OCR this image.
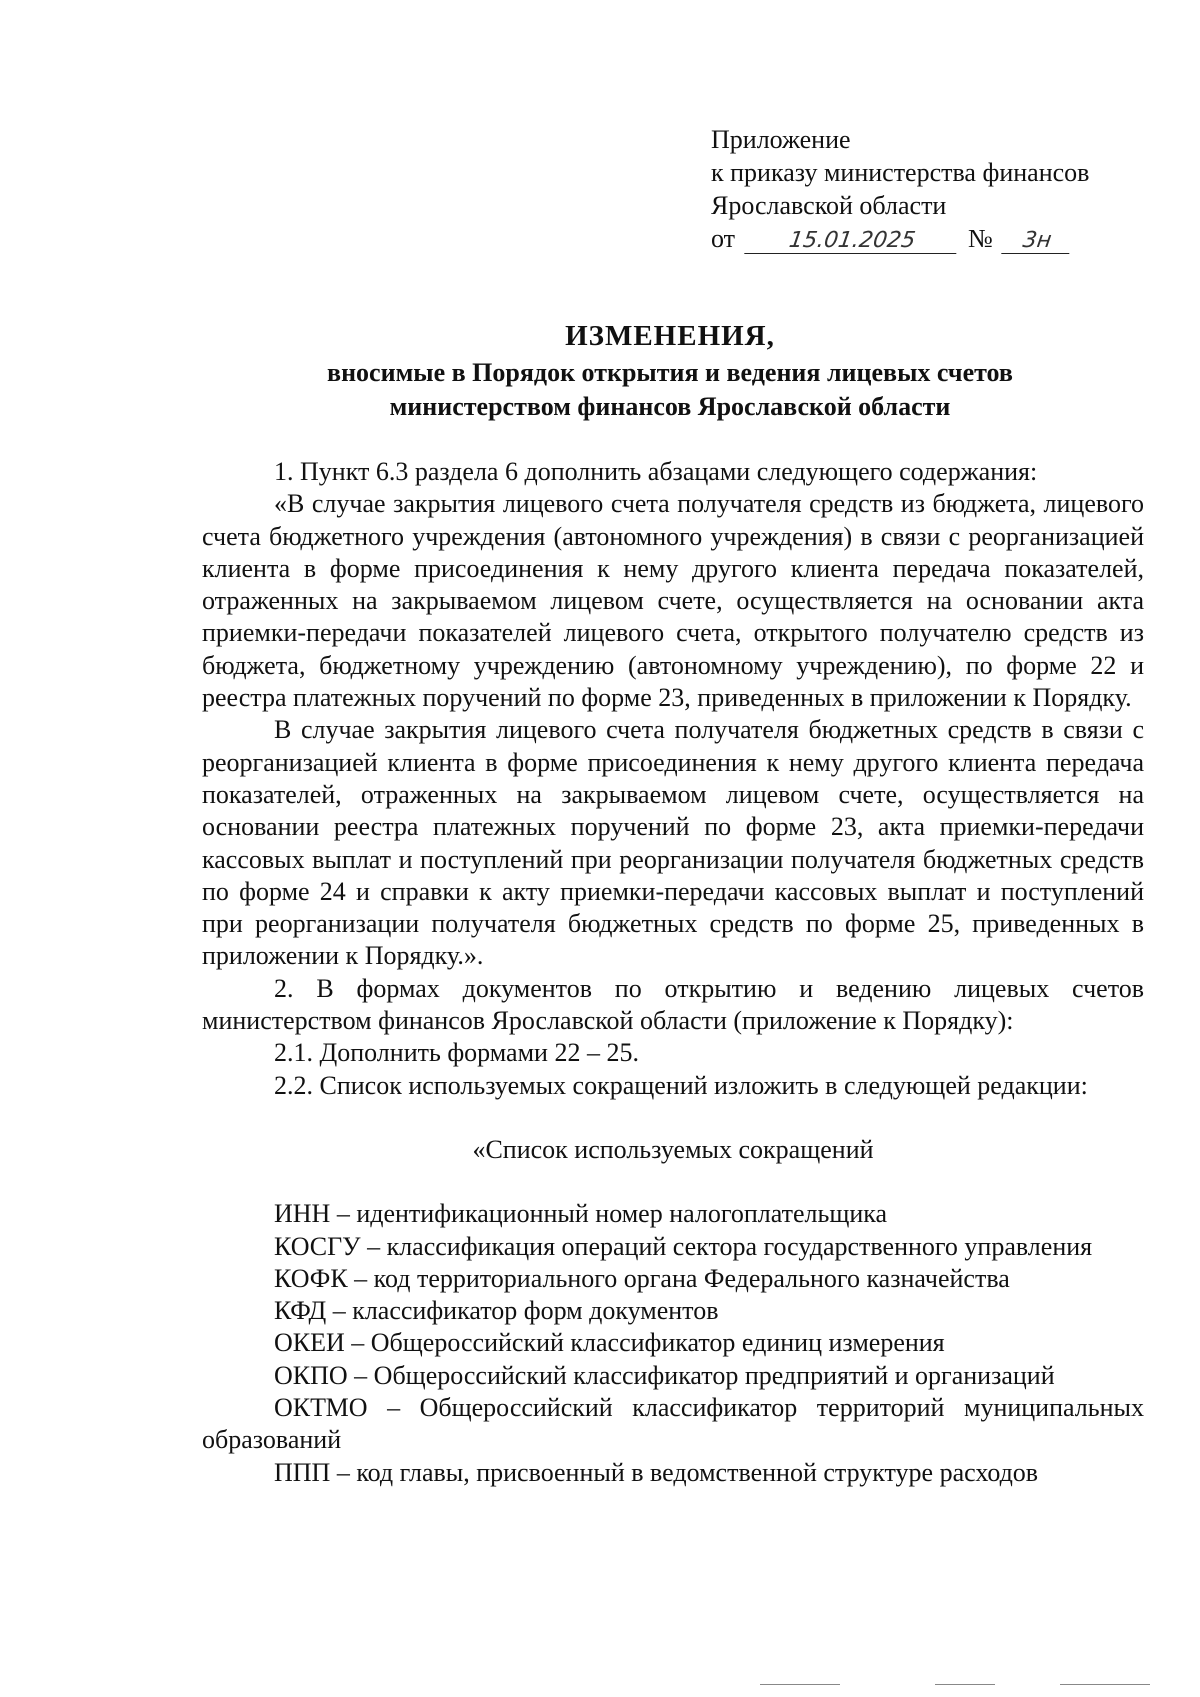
Приложение
к приказу министерства финансов
Ярославской области
от 15.01.2025 № 3н
ИЗМЕНЕНИЯ,
вносимые в Порядок открытия и ведения лицевых счетов
министерством финансов Ярославской области

1. Пункт 6.3 раздела 6 дополнить абзацами следующего содержания:

«В случае закрытия лицевого счета получателя средств из бюджета, лицевого счета бюджетного учреждения (автономного учреждения) в связи с реорганизацией клиента в форме присоединения к нему другого клиента передача показателей, отраженных на закрываемом лицевом счете, осуществляется на основании акта приемки-передачи показателей лицевого счета, открытого получателю средств из бюджета, бюджетному учреждению (автономному учреждению), по форме 22 и реестра платежных поручений по форме 23, приведенных в приложении к Порядку.

В случае закрытия лицевого счета получателя бюджетных средств в связи с реорганизацией клиента в форме присоединения к нему другого клиента передача показателей, отраженных на закрываемом лицевом счете, осуществляется на основании реестра платежных поручений по форме 23, акта приемки-передачи кассовых выплат и поступлений при реорганизации получателя бюджетных средств по форме 24 и справки к акту приемки-передачи кассовых выплат и поступлений при реорганизации получателя бюджетных средств по форме 25, приведенных в приложении к Порядку.».

2. В формах документов по открытию и ведению лицевых счетов министерством финансов Ярославской области (приложение к Порядку):

2.1. Дополнить формами 22 – 25.

2.2. Список используемых сокращений изложить в следующей редакции:

«Список используемых сокращений

ИНН – идентификационный номер налогоплательщика

КОСГУ – классификация операций сектора государственного управления

КОФК – код территориального органа Федерального казначейства

КФД – классификатор форм документов

ОКЕИ – Общероссийский классификатор единиц измерения

ОКПО – Общероссийский классификатор предприятий и организаций

ОКТМО – Общероссийский классификатор территорий муниципальных образований

ППП – код главы, присвоенный в ведомственной структуре расходов
